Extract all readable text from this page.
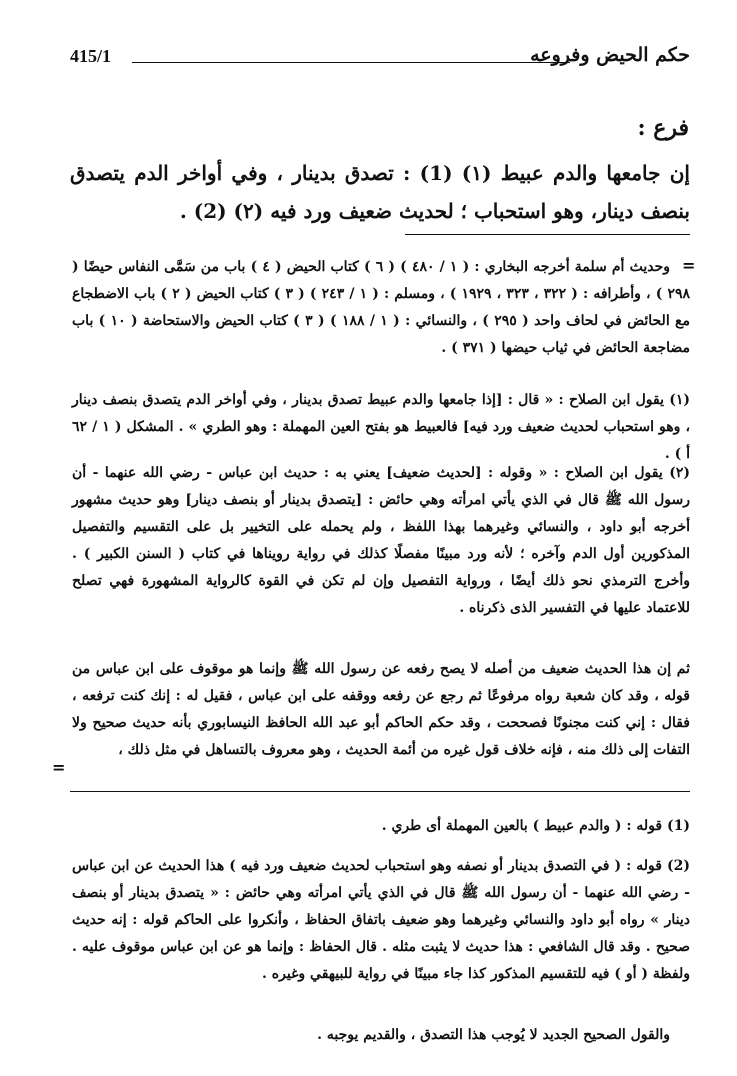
415/1	حكم الحيض وفروعه
فرع :
إن جامعها والدم عبيط (١) (1) : تصدق بدينار ، وفي أواخر الدم يتصدق بنصف دينار، وهو استحباب ؛ لحديث ضعيف ورد فيه (٢) (2) .
=
وحديث أم سلمة أخرجه البخاري : ( ١ / ٤٨٠ ) ( ٦ ) كتاب الحيض ( ٤ ) باب من سَمَّى النفاس حيضًا ( ٢٩٨ ) ، وأطرافه : ( ٣٢٢ ، ٣٢٣ ، ١٩٢٩ ) ، ومسلم : ( ١ / ٢٤٣ ) ( ٣ ) كتاب الحيض ( ٢ ) باب الاضطجاع مع الحائض في لحاف واحد ( ٢٩٥ ) ، والنسائي : ( ١ / ١٨٨ ) ( ٣ ) كتاب الحيض والاستحاضة ( ١٠ ) باب مضاجعة الحائض في ثياب حيضها ( ٣٧١ ) .
(١) يقول ابن الصلاح : « قال : [إذا جامعها والدم عبيط تصدق بدينار ، وفي أواخر الدم يتصدق بنصف دينار ، وهو استحباب لحديث ضعيف ورد فيه] فالعبيط هو بفتح العين المهملة : وهو الطري » . المشكل ( ١ / ٦٢ أ ) .
(٢) يقول ابن الصلاح : « وقوله : [لحديث ضعيف] يعني به : حديث ابن عباس - رضي الله عنهما - أن رسول الله ﷺ قال في الذي يأتي امرأته وهي حائض : [يتصدق بدينار أو بنصف دينار] وهو حديث مشهور أخرجه أبو داود ، والنسائي وغيرهما بهذا اللفظ ، ولم يحمله على التخيير بل على التقسيم والتفصيل المذكورين أول الدم وآخره ؛ لأنه ورد مبينًا مفصلًا كذلك في رواية رويناها في كتاب ( السنن الكبير ) . وأخرج الترمذي نحو ذلك أيضًا ، ورواية التفصيل وإن لم تكن في القوة كالرواية المشهورة فهي تصلح للاعتماد عليها في التفسير الذى ذكرناه .
ثم إن هذا الحديث ضعيف من أصله لا يصح رفعه عن رسول الله ﷺ وإنما هو موقوف على ابن عباس من قوله ، وقد كان شعبة رواه مرفوعًا ثم رجع عن رفعه ووقفه على ابن عباس ، فقيل له : إنك كنت ترفعه ، فقال : إني كنت مجنونًا فصححت ، وقد حكم الحاكم أبو عبد الله الحافظ النيسابوري بأنه حديث صحيح ولا التفات إلى ذلك منه ، فإنه خلاف قول غيره من أئمة الحديث ، وهو معروف بالتساهل في مثل ذلك ،
=
(1) قوله : ( والدم عبيط ) بالعين المهملة أى طري .
(2) قوله : ( في التصدق بدينار أو نصفه وهو استحباب لحديث ضعيف ورد فيه ) هذا الحديث عن ابن عباس - رضي الله عنهما - أن رسول الله ﷺ قال في الذي يأتي امرأته وهي حائض : « يتصدق بدينار أو بنصف دينار » رواه أبو داود والنسائي وغيرهما وهو ضعيف باتفاق الحفاظ ، وأنكروا على الحاكم قوله : إنه حديث صحيح . وقد قال الشافعي : هذا حديث لا يثبت مثله . قال الحفاظ : وإنما هو عن ابن عباس موقوف عليه . ولفظة ( أو ) فيه للتقسيم المذكور كذا جاء مبينًا في رواية للبيهقي وغيره .
والقول الصحيح الجديد لا يُوجب هذا التصدق ، والقديم يوجبه .
